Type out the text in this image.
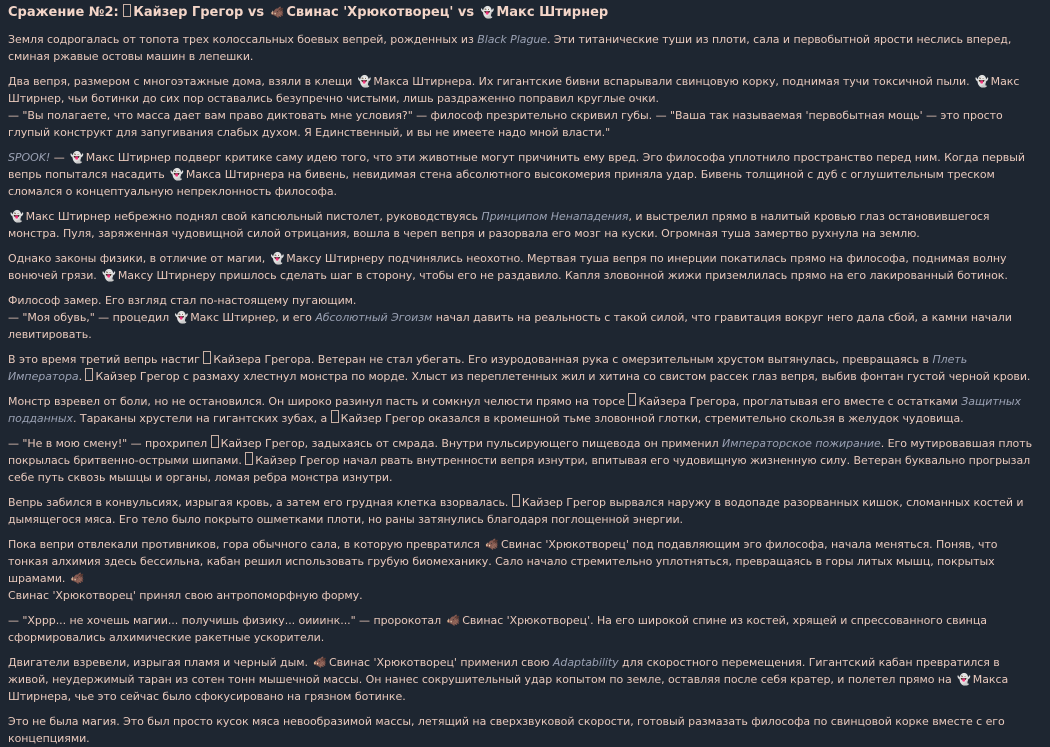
Сражение №2: Кайзер Грегор vs 🐗 Свинас 'Хрюкотворец' vs 👻 Макс Штирнер

Земля содрогалась от топота трех колоссальных боевых вепрей, рожденных из Black Plague. Эти титанические туши из плоти, сала и первобытной ярости неслись вперед, сминая ржавые остовы машин в лепешки.

Два вепря, размером с многоэтажные дома, взяли в клещи 👻 Макса Штирнера. Их гигантские бивни вспарывали свинцовую корку, поднимая тучи токсичной пыли. 👻 Макс Штирнер, чьи ботинки до сих пор оставались безупречно чистыми, лишь раздраженно поправил круглые очки.
— "Вы полагаете, что масса дает вам право диктовать мне условия?" — философ презрительно скривил губы. — "Ваша так называемая 'первобытная мощь' — это просто глупый конструкт для запугивания слабых духом. Я Единственный, и вы не имеете надо мной власти."

SPOOK! — 👻 Макс Штирнер подверг критике саму идею того, что эти животные могут причинить ему вред. Эго философа уплотнило пространство перед ним. Когда первый вепрь попытался насадить 👻 Макса Штирнера на бивень, невидимая стена абсолютного высокомерия приняла удар. Бивень толщиной с дуб с оглушительным треском сломался о концептуальную непреклонность философа.

👻 Макс Штирнер небрежно поднял свой капсюльный пистолет, руководствуясь Принципом Ненападения, и выстрелил прямо в налитый кровью глаз остановившегося монстра. Пуля, заряженная чудовищной силой отрицания, вошла в череп вепря и разорвала его мозг на куски. Огромная туша замертво рухнула на землю.

Однако законы физики, в отличие от магии, 👻 Максу Штирнеру подчинялись неохотно. Мертвая туша вепря по инерции покатилась прямо на философа, поднимая волну вонючей грязи. 👻 Максу Штирнеру пришлось сделать шаг в сторону, чтобы его не раздавило. Капля зловонной жижи приземлилась прямо на его лакированный ботинок.

Философ замер. Его взгляд стал по-настоящему пугающим.
— "Моя обувь," — процедил 👻 Макс Штирнер, и его Абсолютный Эгоизм начал давить на реальность с такой силой, что гравитация вокруг него дала сбой, а камни начали левитировать.

В это время третий вепрь настиг Кайзера Грегора. Ветеран не стал убегать. Его изуродованная рука с омерзительным хрустом вытянулась, превращаясь в Плеть Императора. Кайзер Грегор с размаху хлестнул монстра по морде. Хлыст из переплетенных жил и хитина со свистом рассек глаз вепря, выбив фонтан густой черной крови.

Монстр взревел от боли, но не остановился. Он широко разинул пасть и сомкнул челюсти прямо на торсе Кайзера Грегора, проглатывая его вместе с остатками Защитных подданных. Тараканы хрустели на гигантских зубах, а Кайзер Грегор оказался в кромешной тьме зловонной глотки, стремительно скользя в желудок чудовища.

— "Не в мою смену!" — прохрипел Кайзер Грегор, задыхаясь от смрада. Внутри пульсирующего пищевода он применил Императорское пожирание. Его мутировавшая плоть покрылась бритвенно-острыми шипами. Кайзер Грегор начал рвать внутренности вепря изнутри, впитывая его чудовищную жизненную силу. Ветеран буквально прогрызал себе путь сквозь мышцы и органы, ломая ребра монстра изнутри.

Вепрь забился в конвульсиях, изрыгая кровь, а затем его грудная клетка взорвалась. Кайзер Грегор вырвался наружу в водопаде разорванных кишок, сломанных костей и дымящегося мяса. Его тело было покрыто ошметками плоти, но раны затянулись благодаря поглощенной энергии.

Пока вепри отвлекали противников, гора обычного сала, в которую превратился 🐗 Свинас 'Хрюкотворец' под подавляющим эго философа, начала меняться. Поняв, что тонкая алхимия здесь бессильна, кабан решил использовать грубую биомеханику. Сало начало стремительно уплотняться, превращаясь в горы литых мышц, покрытых шрамами. 🐗
Свинас 'Хрюкотворец' принял свою антропоморфную форму.

— "Хррр... не хочешь магии... получишь физику... оииинк..." — пророкотал 🐗 Свинас 'Хрюкотворец'. На его широкой спине из костей, хрящей и спрессованного свинца сформировались алхимические ракетные ускорители.

Двигатели взревели, изрыгая пламя и черный дым. 🐗 Свинас 'Хрюкотворец' применил свою Adaptability для скоростного перемещения. Гигантский кабан превратился в живой, неудержимый таран из сотен тонн мышечной массы. Он нанес сокрушительный удар копытом по земле, оставляя после себя кратер, и полетел прямо на 👻 Макса Штирнера, чье это сейчас было сфокусировано на грязном ботинке.

Это не была магия. Это был просто кусок мяса невообразимой массы, летящий на сверхзвуковой скорости, готовый размазать философа по свинцовой корке вместе с его концепциями.
